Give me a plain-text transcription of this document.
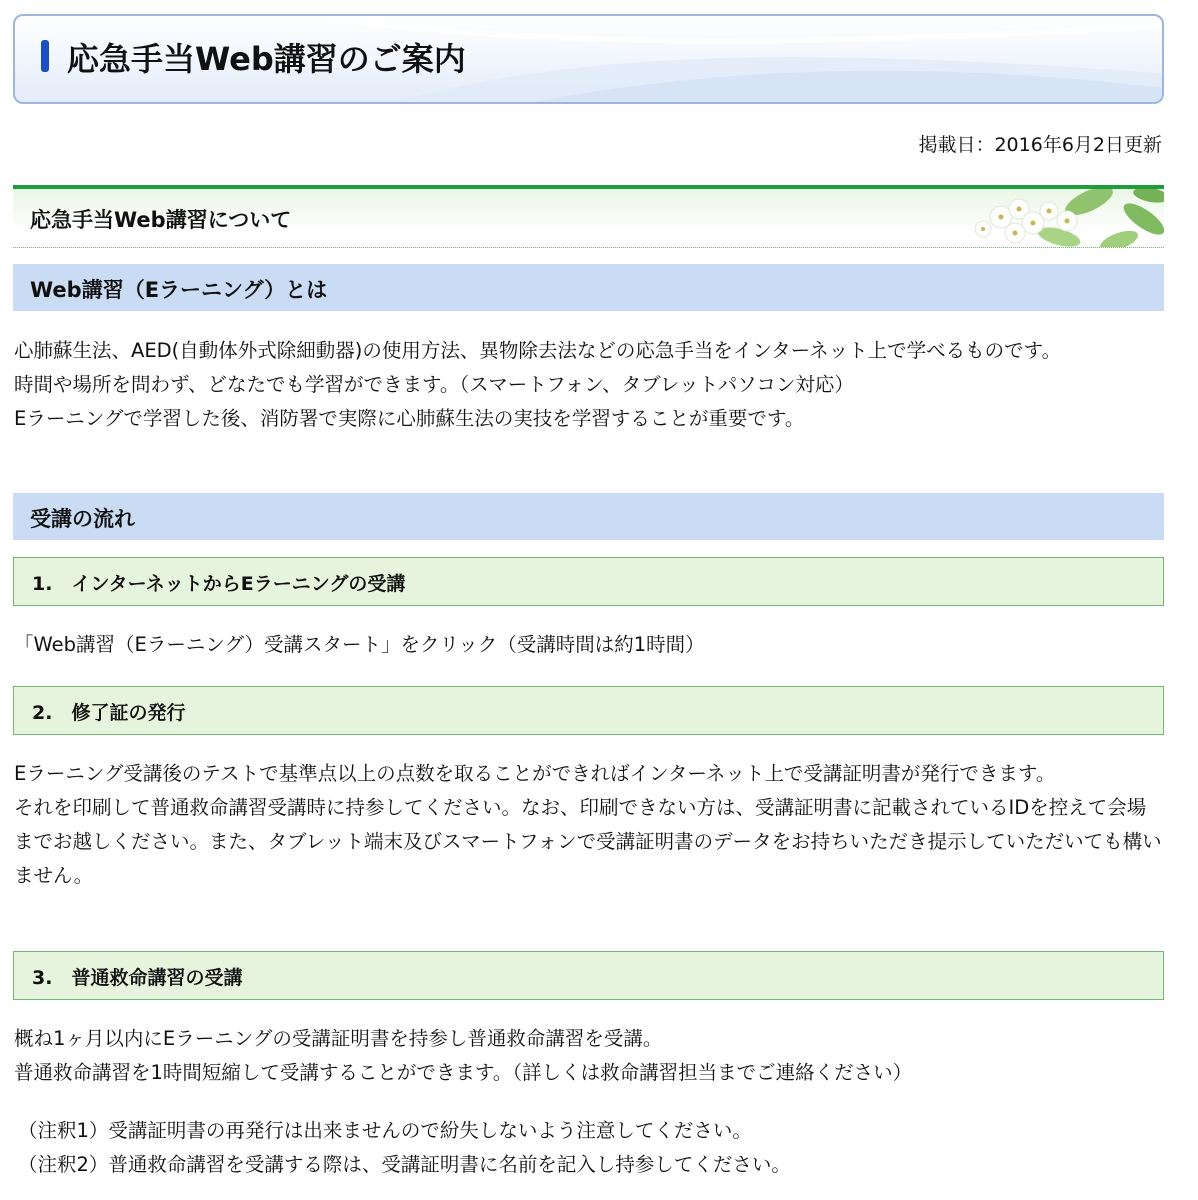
応急手当Web講習のご案内
掲載日：2016年6月2日更新
応急手当Web講習について
Web講習（Eラーニング）とは

心肺蘇生法、AED(自動体外式除細動器)の使用方法、異物除去法などの応急手当をインターネット上で学べるものです。

時間や場所を問わず、どなたでも学習ができます。（スマートフォン、タブレットパソコン対応）

Eラーニングで学習した後、消防署で実際に心肺蘇生法の実技を学習することが重要です。

受講の流れ
1.　インターネットからEラーニングの受講

「Web講習（Eラーニング）受講スタート」をクリック（受講時間は約1時間）

2.　修了証の発行

Eラーニング受講後のテストで基準点以上の点数を取ることができればインターネット上で受講証明書が発行できます。

それを印刷して普通救命講習受講時に持参してください。なお、印刷できない方は、受講証明書に記載されているIDを控えて会場までお越しください。また、タブレット端末及びスマートフォンで受講証明書のデータをお持ちいただき提示していただいても構いません。

3.　普通救命講習の受講

概ね1ヶ月以内にEラーニングの受講証明書を持参し普通救命講習を受講。

普通救命講習を1時間短縮して受講することができます。（詳しくは救命講習担当までご連絡ください）

（注釈1）受講証明書の再発行は出来ませんので紛失しないよう注意してください。

（注釈2）普通救命講習を受講する際は、受講証明書に名前を記入し持参してください。
